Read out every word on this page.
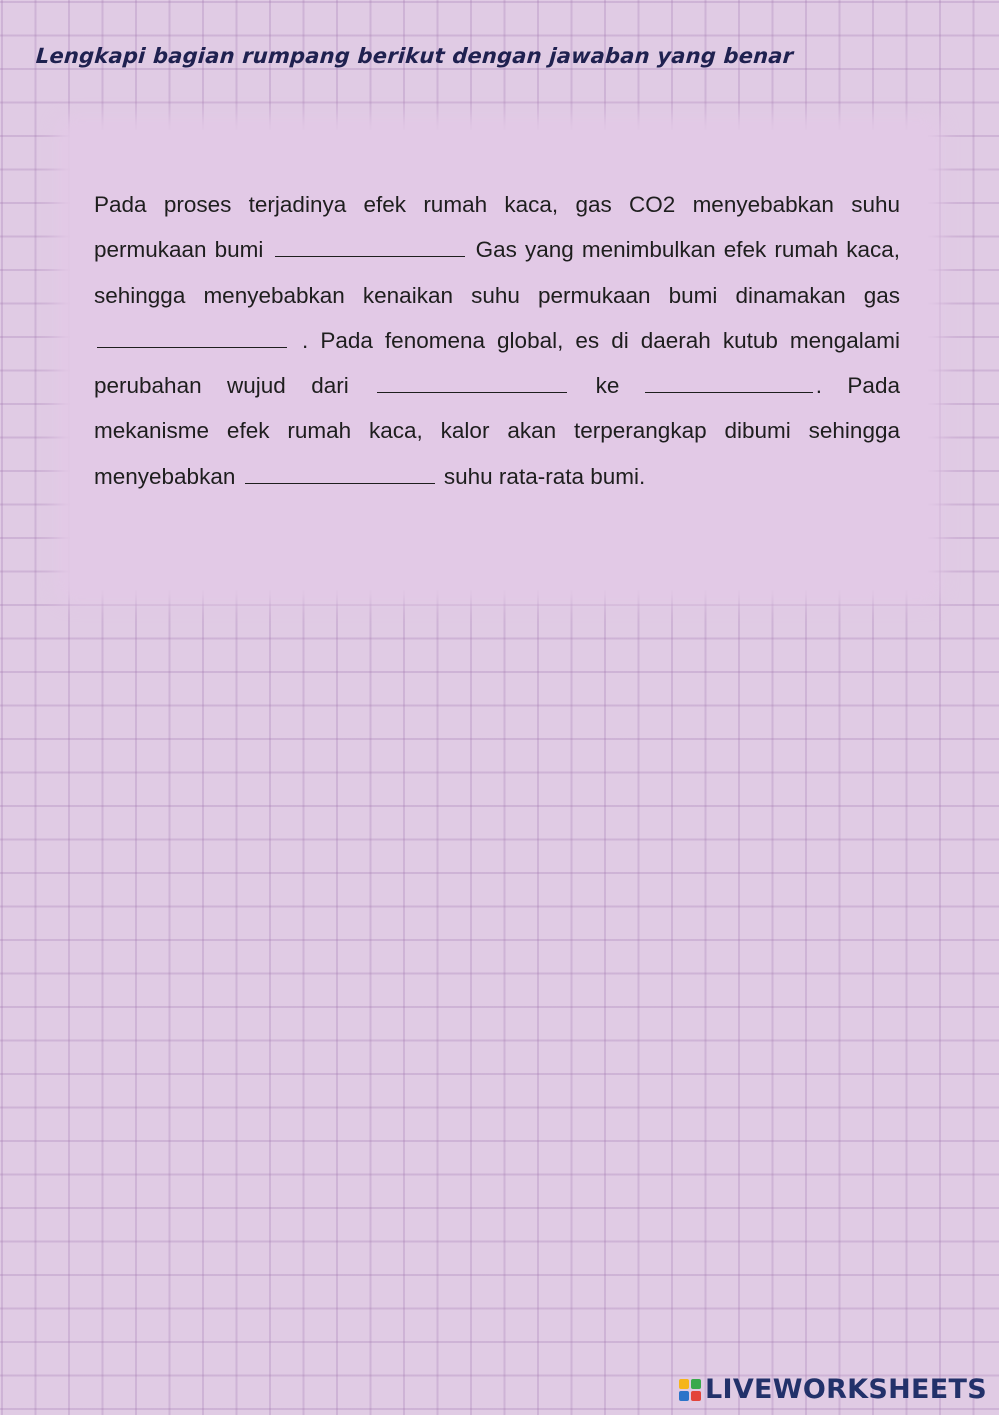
Lengkapi bagian rumpang berikut dengan jawaban yang benar
Pada proses terjadinya efek rumah kaca, gas CO2 menyebabkan suhu permukaan bumi	Gas yang menimbulkan efek rumah kaca, sehingga menyebabkan kenaikan suhu permukaan bumi dinamakan gas  . Pada fenomena global, es di daerah kutub mengalami perubahan wujud dari	ke	. Pada mekanisme efek rumah kaca, kalor akan terperangkap dibumi sehingga menyebabkan	suhu rata-rata bumi.
LIVEWORKSHEETS
